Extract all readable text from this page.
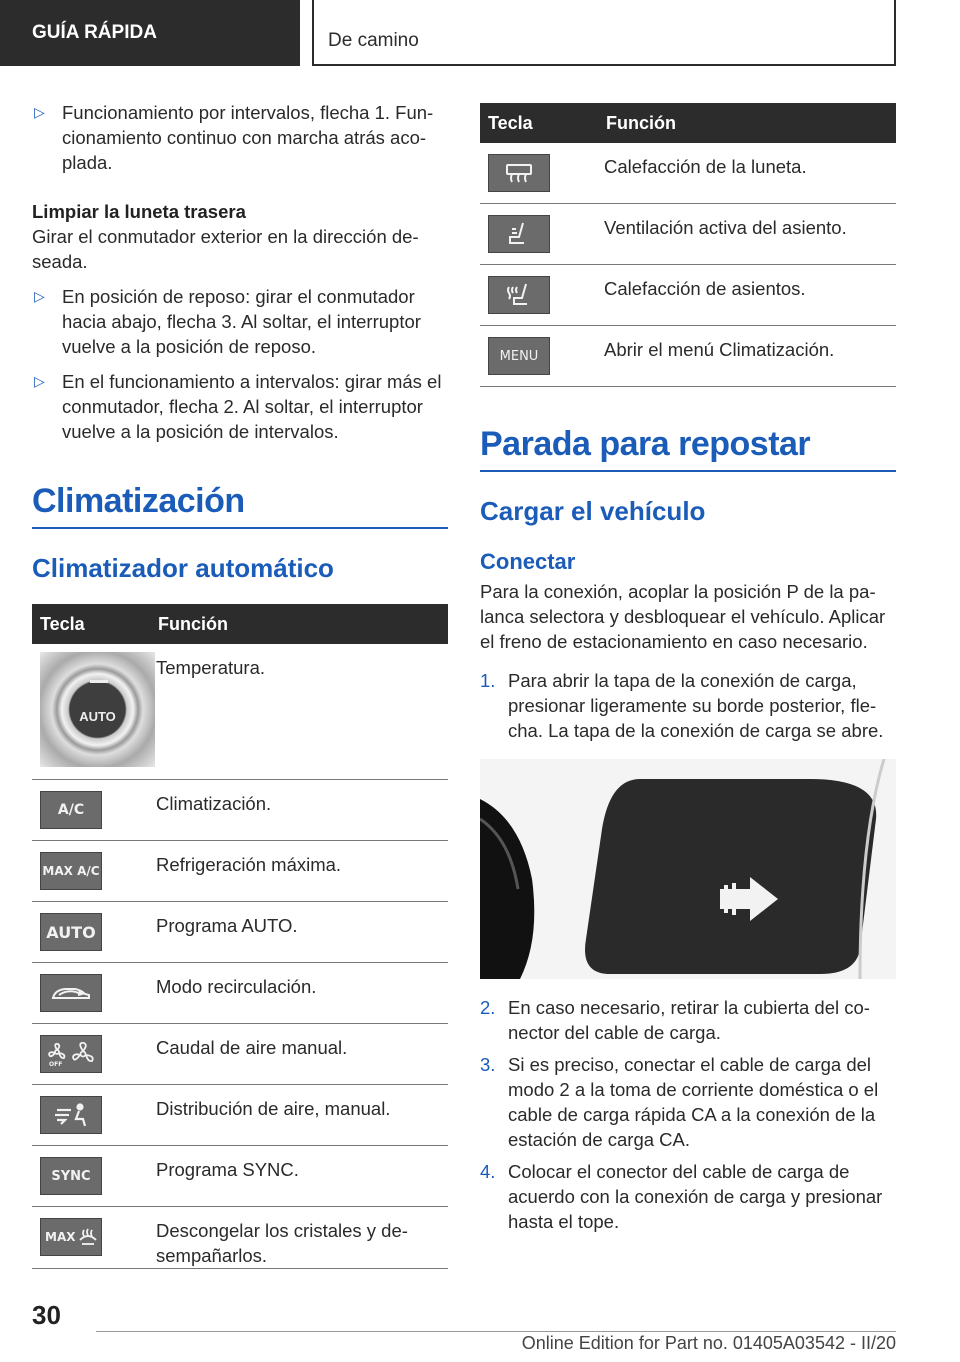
GUÍA RÁPIDA	De camino
▷ Funcionamiento por intervalos, flecha 1. Fun-cionamiento continuo con marcha atrás aco-plada.
Limpiar la luneta trasera

Girar el conmutador exterior en la dirección de-seada.

▷ En posición de reposo: girar el conmutador hacia abajo, flecha 3. Al soltar, el interruptor vuelve a la posición de reposo.
▷ En el funcionamiento a intervalos: girar más el conmutador, flecha 2. Al soltar, el interruptor vuelve a la posición de intervalos.
Climatización
Climatizador automático
Tecla	Función

AUTO	Temperatura.

A/C	Climatización.

MAX A/C	Refrigeración máxima.

AUTO	Programa AUTO.

	Modo recirculación.

OFF	Caudal de aire manual.

	Distribución de aire, manual.

SYNC	Programa SYNC.

MAX	Descongelar los cristales y de-sempañarlos.
Tecla	Función

	Calefacción de la luneta.

	Ventilación activa del asiento.

	Calefacción de asientos.

MENU	Abrir el menú Climatización.
Parada para repostar
Cargar el vehículo
Conectar

Para la conexión, acoplar la posición P de la pa-lanca selectora y desbloquear el vehículo. Aplicar el freno de estacionamiento en caso necesario.

1. Para abrir la tapa de la conexión de carga, presionar ligeramente su borde posterior, fle-cha. La tapa de la conexión de carga se abre.
2. En caso necesario, retirar la cubierta del co-nector del cable de carga.
3. Si es preciso, conectar el cable de carga del modo 2 a la toma de corriente doméstica o el cable de carga rápida CA a la conexión de la estación de carga CA.
4. Colocar el conector del cable de carga de acuerdo con la conexión de carga y presionar hasta el tope.
30
Online Edition for Part no. 01405A03542 - II/20
